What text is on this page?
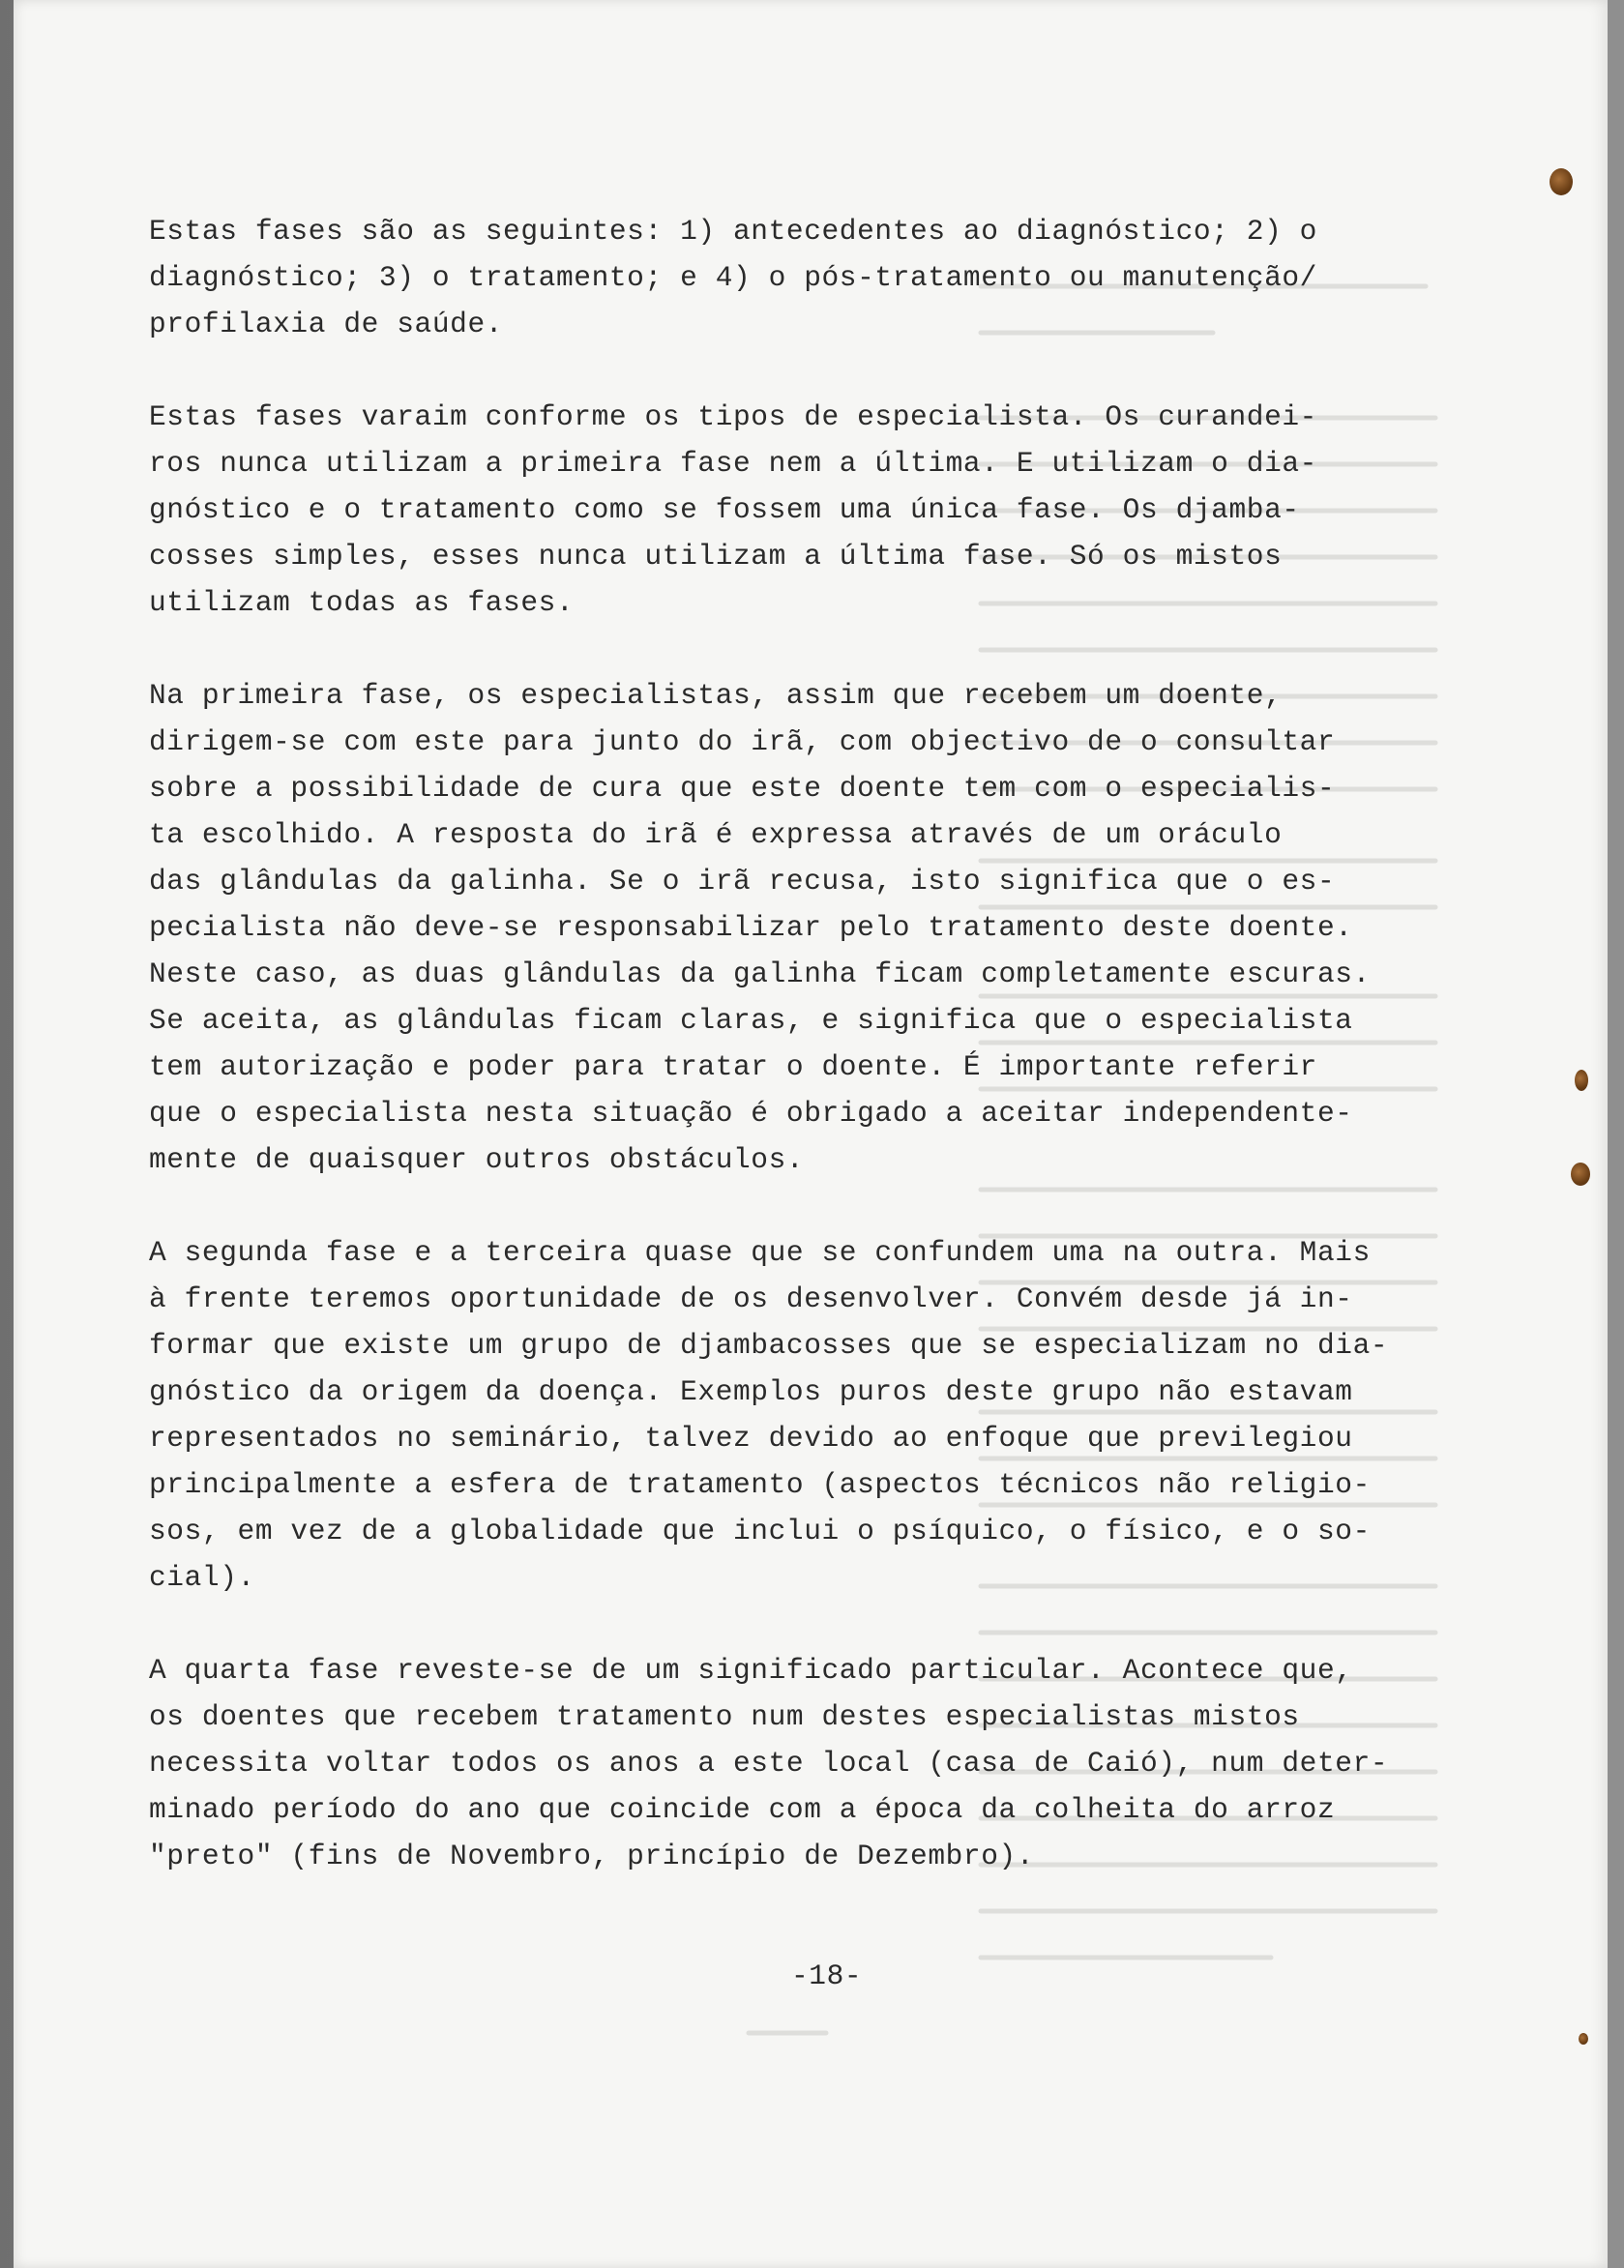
Estas fases são as seguintes: 1) antecedentes ao diagnóstico; 2) o
diagnóstico; 3) o tratamento; e 4) o pós-tratamento ou manutenção/
profilaxia de saúde.
Estas fases varaim conforme os tipos de especialista. Os curandei-
ros nunca utilizam a primeira fase nem a última. E utilizam o dia-
gnóstico e o tratamento como se fossem uma única fase. Os djamba-
cosses simples, esses nunca utilizam a última fase. Só os mistos
utilizam todas as fases.
Na primeira fase, os especialistas, assim que recebem um doente,
dirigem-se com este para junto do irã, com objectivo de o consultar
sobre a possibilidade de cura que este doente tem com o especialis-
ta escolhido. A resposta do irã é expressa através de um oráculo
das glândulas da galinha. Se o irã recusa, isto significa que o es-
pecialista não deve-se responsabilizar pelo tratamento deste doente.
Neste caso, as duas glândulas da galinha ficam completamente escuras.
Se aceita, as glândulas ficam claras, e significa que o especialista
tem autorização e poder para tratar o doente. É importante referir
que o especialista nesta situação é obrigado a aceitar independente-
mente de quaisquer outros obstáculos.
A segunda fase e a terceira quase que se confundem uma na outra. Mais
à frente teremos oportunidade de os desenvolver. Convém desde já in-
formar que existe um grupo de djambacosses que se especializam no dia-
gnóstico da origem da doença. Exemplos puros deste grupo não estavam
representados no seminário, talvez devido ao enfoque que previlegiou
principalmente a esfera de tratamento (aspectos técnicos não religio-
sos, em vez de a globalidade que inclui o psíquico, o físico, e o so-
cial).
A quarta fase reveste-se de um significado particular. Acontece que,
os doentes que recebem tratamento num destes especialistas mistos
necessita voltar todos os anos a este local (casa de Caió), num deter-
minado período do ano que coincide com a época da colheita do arroz
"preto" (fins de Novembro, princípio de Dezembro).
-18-
